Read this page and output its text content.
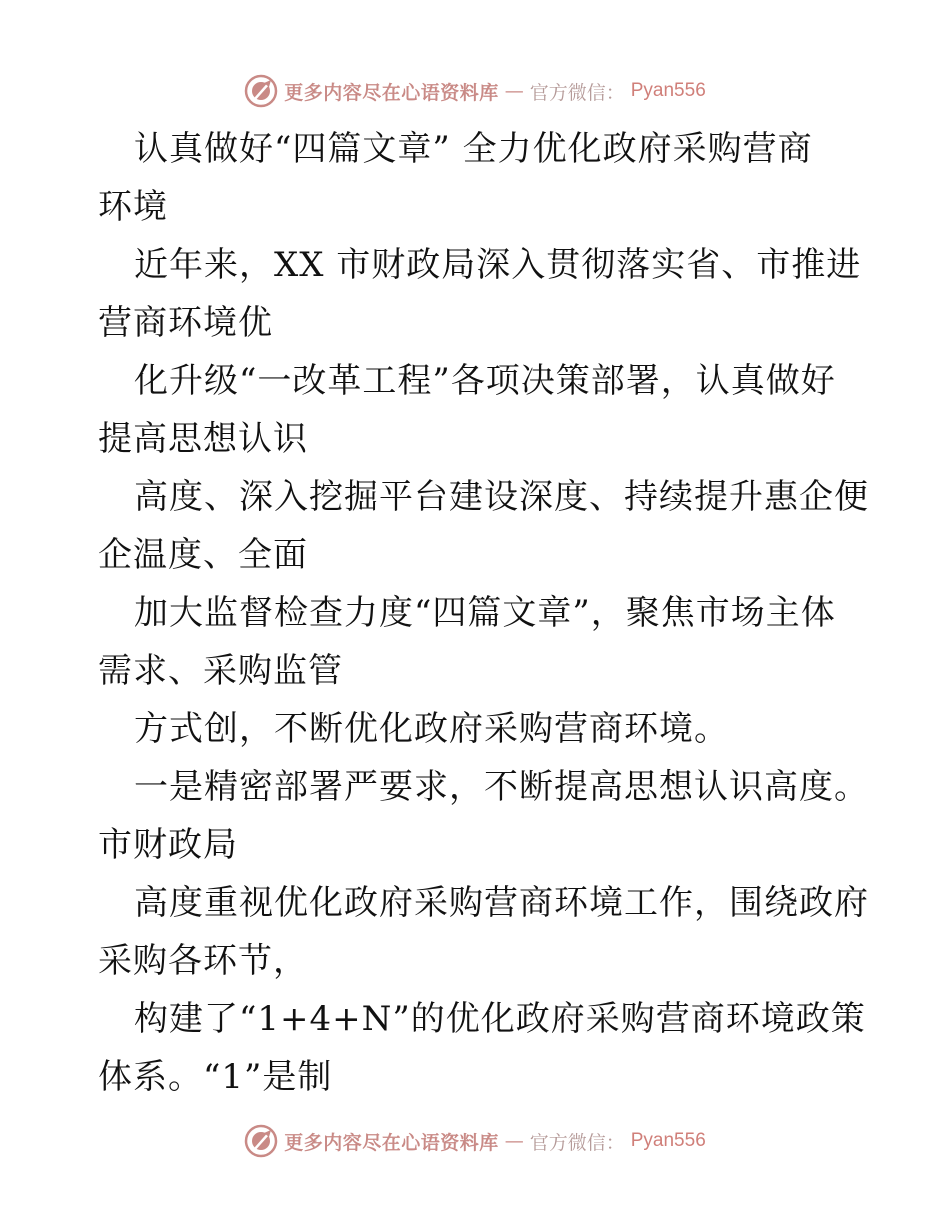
更多内容尽在心语资料库 — 官方微信： Pyan556
认真做好“四篇文章” 全力优化政府采购营商
环境
近年来，XX 市财政局深入贯彻落实省、市推进
营商环境优
化升级“一改革工程”各项决策部署，认真做好
提高思想认识
高度、深入挖掘平台建设深度、持续提升惠企便
企温度、全面
加大监督检查力度“四篇文章”，聚焦市场主体
需求、采购监管
方式创，不断优化政府采购营商环境。
一是精密部署严要求，不断提高思想认识高度。
市财政局
高度重视优化政府采购营商环境工作，围绕政府
采购各环节，
构建了“1+4+N”的优化政府采购营商环境政策
体系。“1”是制
更多内容尽在心语资料库 — 官方微信： Pyan556
